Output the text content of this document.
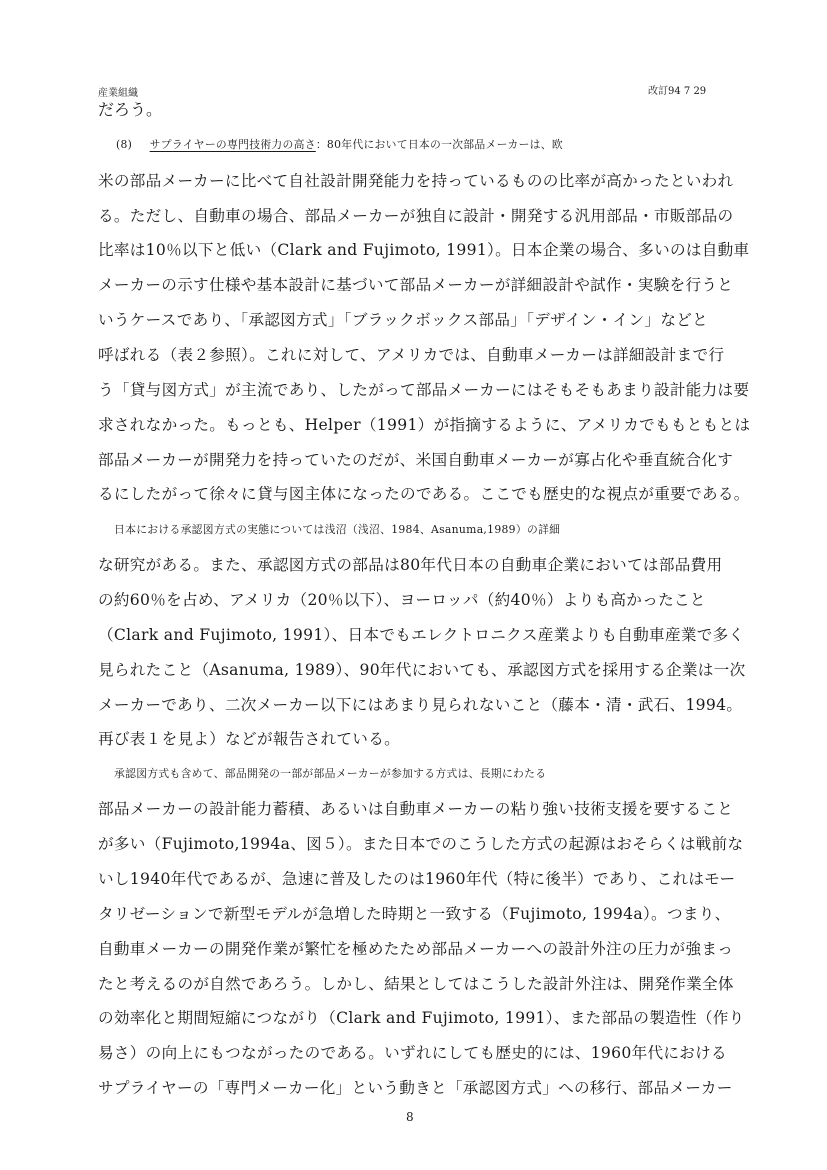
産業組織	改訂94 7 29
だろう。
(8) サプライヤーの専門技術力の高さ：80年代において日本の一次部品メーカーは、欧
米の部品メーカーに比べて自社設計開発能力を持っているものの比率が高かったといわれ
る。ただし、自動車の場合、部品メーカーが独自に設計・開発する汎用部品・市販部品の
比率は10％以下と低い（Clark and Fujimoto, 1991）。日本企業の場合、多いのは自動車
メーカーの示す仕様や基本設計に基づいて部品メーカーが詳細設計や試作・実験を行うと
いうケースであり、「承認図方式」「ブラックボックス部品」「デザイン・イン」などと
呼ばれる（表２参照）。これに対して、アメリカでは、自動車メーカーは詳細設計まで行
う「貸与図方式」が主流であり、したがって部品メーカーにはそもそもあまり設計能力は要
求されなかった。もっとも、Helper（1991）が指摘するように、アメリカでももともとは
部品メーカーが開発力を持っていたのだが、米国自動車メーカーが寡占化や垂直統合化す
るにしたがって徐々に貸与図主体になったのである。ここでも歴史的な視点が重要である。
日本における承認図方式の実態については浅沼（浅沼、1984、Asanuma,1989）の詳細
な研究がある。また、承認図方式の部品は80年代日本の自動車企業においては部品費用
の約60％を占め、アメリカ（20％以下）、ヨーロッパ（約40％）よりも高かったこと
（Clark and Fujimoto, 1991）、日本でもエレクトロニクス産業よりも自動車産業で多く
見られたこと（Asanuma, 1989）、90年代においても、承認図方式を採用する企業は一次
メーカーであり、二次メーカー以下にはあまり見られないこと（藤本・清・武石、1994。
再び表１を見よ）などが報告されている。
承認図方式も含めて、部品開発の一部が部品メーカーが参加する方式は、長期にわたる
部品メーカーの設計能力蓄積、あるいは自動車メーカーの粘り強い技術支援を要すること
が多い（Fujimoto,1994a、図５）。また日本でのこうした方式の起源はおそらくは戦前な
いし1940年代であるが、急速に普及したのは1960年代（特に後半）であり、これはモー
タリゼーションで新型モデルが急増した時期と一致する（Fujimoto, 1994a）。つまり、
自動車メーカーの開発作業が繁忙を極めたため部品メーカーへの設計外注の圧力が強まっ
たと考えるのが自然であろう。しかし、結果としてはこうした設計外注は、開発作業全体
の効率化と期間短縮につながり（Clark and Fujimoto, 1991）、また部品の製造性（作り
易さ）の向上にもつながったのである。いずれにしても歴史的には、1960年代における
サプライヤーの「専門メーカー化」という動きと「承認図方式」への移行、部品メーカー
8
